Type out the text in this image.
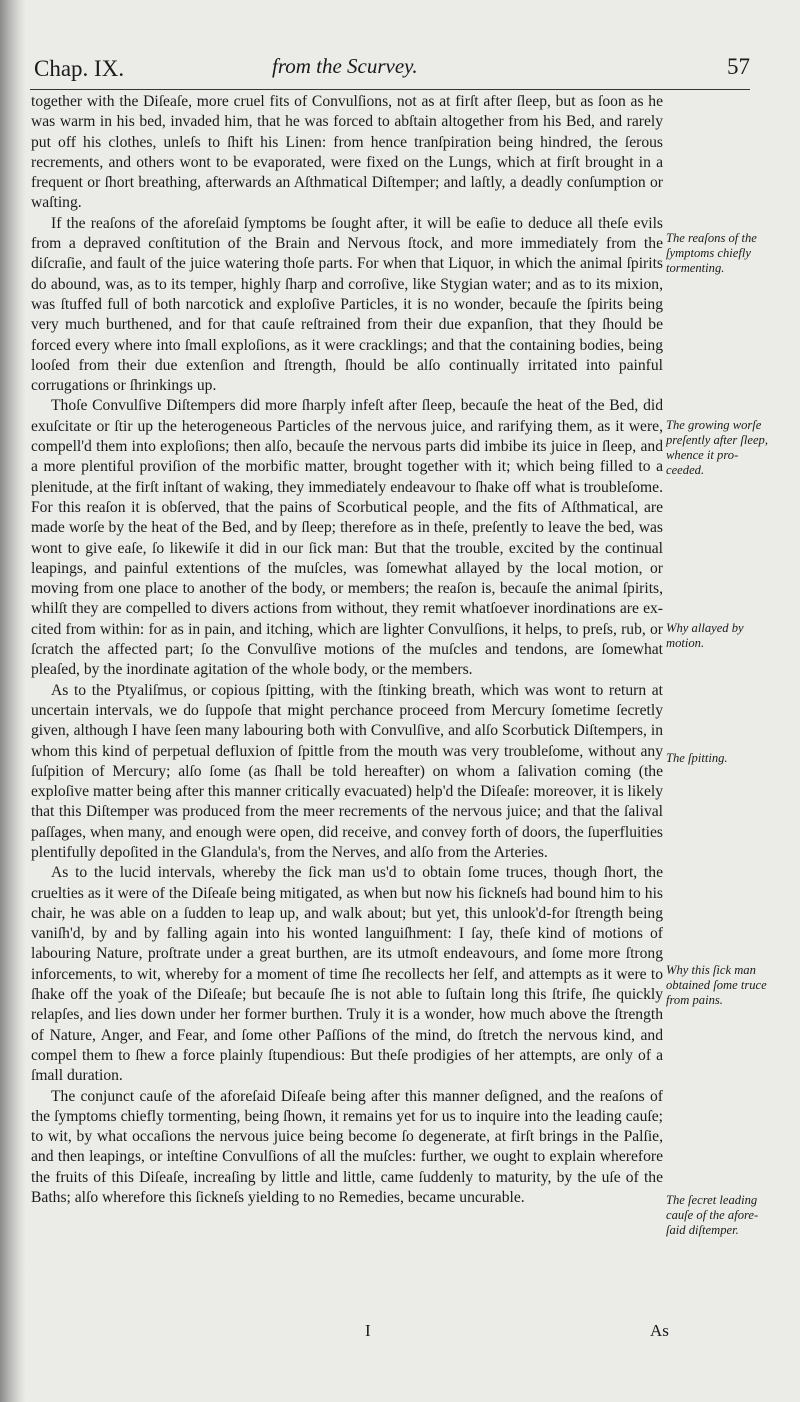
Chap. IX.	from the Scurvey.	57

together with the Diſeaſe, more cruel fits of Convulſions, not as at firſt after ſleep, but as ſoon as he was warm in his bed, invaded him, that he was forced to abſtain altogether from his Bed, and rarely put off his clothes, unleſs to ſhift his Linen: from hence tranſpiration being hindred, the ſerous recrements, and others wont to be evaporated, were fixed on the Lungs, which at firſt brought in a frequent or ſhort breathing, afterwards an Aſthmatical Diſtemper; and laſtly, a deadly conſumption or waſting.

If the reaſons of the aforeſaid ſymptoms be ſought after, it will be eaſie to deduce all theſe evils from a depraved conſtitution of the Brain and Nervous ſtock, and more immediately from the diſcraſie, and fault of the juice watering thoſe parts. For when that Liquor, in which the animal ſpirits do abound, was, as to its temper, highly ſharp and corroſive, like Stygian water; and as to its mixion, was ſtuffed full of both narcotick and exploſive Particles, it is no wonder, becauſe the ſpirits being very much burthened, and for that cauſe reſtrained from their due expanſion, that they ſhould be forced every where into ſmall exploſions, as it were cracklings; and that the containing bodies, being looſed from their due extenſion and ſtrength, ſhould be alſo continually irritated into painful corrugations or ſhrinkings up.

Thoſe Convulſive Diſtempers did more ſharply infeſt after ſleep, becauſe the heat of the Bed, did exuſcitate or ſtir up the heterogeneous Particles of the nervous juice, and rarifying them, as it were, compell'd them into exploſions; then alſo, becauſe the nervous parts did imbibe its juice in ſleep, and a more plentiful proviſion of the morbific matter, brought together with it; which being filled to a plenitude, at the firſt inſtant of waking, they immediately endeavour to ſhake off what is troubleſome. For this reaſon it is obſerved, that the pains of Scorbutical people, and the fits of Aſthmatical, are made worſe by the heat of the Bed, and by ſleep; therefore as in theſe, preſently to leave the bed, was wont to give eaſe, ſo likewiſe it did in our ſick man: But that the trouble, excited by the continual leapings, and painful extentions of the muſcles, was ſomewhat allayed by the local motion, or moving from one place to another of the body, or members; the reaſon is, becauſe the animal ſpirits, whilſt they are compelled to divers actions from without, they remit whatſoever inordinations are excited from within: for as in pain, and itching, which are lighter Convulſions, it helps, to preſs, rub, or ſcratch the affected part; ſo the Convulſive motions of the muſcles and tendons, are ſomewhat pleaſed, by the inordinate agitation of the whole body, or the members.

As to the Ptyaliſmus, or copious ſpitting, with the ſtinking breath, which was wont to return at uncertain intervals, we do ſuppoſe that might perchance proceed from Mercury ſometime ſecretly given, although I have ſeen many labouring both with Convulſive, and alſo Scorbutick Diſtempers, in whom this kind of perpetual defluxion of ſpittle from the mouth was very troubleſome, without any ſuſpition of Mercury; alſo ſome (as ſhall be told hereafter) on whom a ſalivation coming (the exploſive matter being after this manner critically evacuated) help'd the Diſeaſe: moreover, it is likely that this Diſtemper was produced from the meer recrements of the nervous juice; and that the ſalival paſſages, when many, and enough were open, did receive, and convey forth of doors, the ſuperfluities plentifully depoſited in the Glandula's, from the Nerves, and alſo from the Arteries.

As to the lucid intervals, whereby the ſick man us'd to obtain ſome truces, though ſhort, the cruelties as it were of the Diſeaſe being mitigated, as when but now his ſickneſs had bound him to his chair, he was able on a ſudden to leap up, and walk about; but yet, this unlook'd-for ſtrength being vaniſh'd, by and by falling again into his wonted languiſhment: I ſay, theſe kind of motions of labouring Nature, proſtrate under a great burthen, are its utmoſt endeavours, and ſome more ſtrong inforcements, to wit, whereby for a moment of time ſhe recollects her ſelf, and attempts as it were to ſhake off the yoak of the Diſeaſe; but becauſe ſhe is not able to ſuſtain long this ſtrife, ſhe quickly relapſes, and lies down under her former burthen. Truly it is a wonder, how much above the ſtrength of Nature, Anger, and Fear, and ſome other Paſſions of the mind, do ſtretch the nervous kind, and compel them to ſhew a force plainly ſtupendious: But theſe prodigies of her attempts, are only of a ſmall duration.

The conjunct cauſe of the aforeſaid Diſeaſe being after this manner deſigned, and the reaſons of the ſymptoms chiefly tormenting, being ſhown, it remains yet for us to inquire into the leading cauſe; to wit, by what occaſions the nervous juice being become ſo degenerate, at firſt brings in the Palſie, and then leapings, or inteſtine Convulſions of all the muſcles: further, we ought to explain wherefore the fruits of this Diſeaſe, increaſing by little and little, came ſuddenly to maturity, by the uſe of the Baths; alſo wherefore this ſickneſs yielding to no Remedies, became uncurable.

The reaſons of the ſymptoms chiefly tormenting.
The growing worſe preſently after ſleep, whence it proceeded.
Why allayed by motion.
The ſpitting.
Why this ſick man obtained ſome truce from pains.
The ſecret leading cauſe of the aforeſaid diſtemper.
I	As
